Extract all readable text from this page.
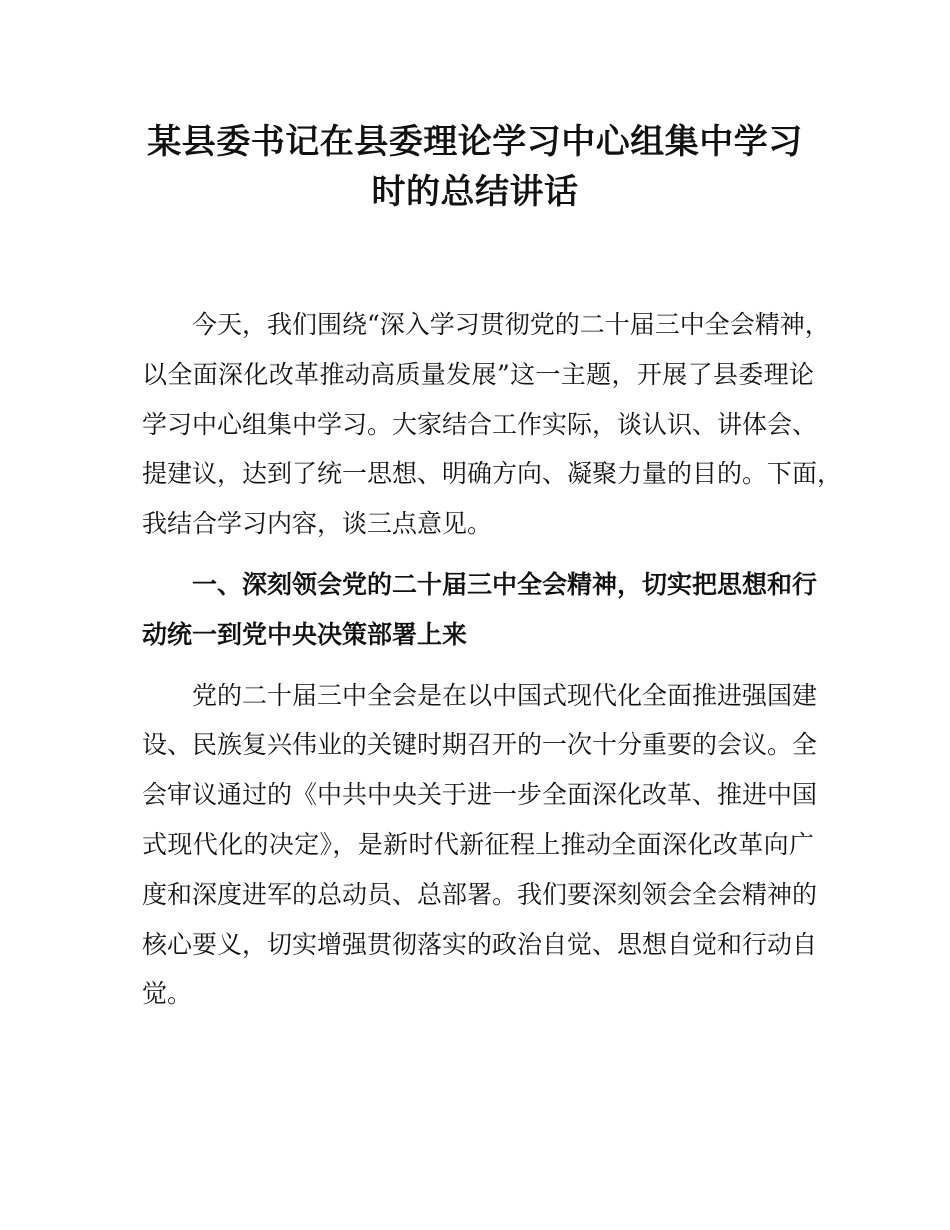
某县委书记在县委理论学习中心组集中学习
时的总结讲话
今天，我们围绕“深入学习贯彻党的二十届三中全会精神，
以全面深化改革推动高质量发展”这一主题，开展了县委理论
学习中心组集中学习。大家结合工作实际，谈认识、讲体会、
提建议，达到了统一思想、明确方向、凝聚力量的目的。下面，
我结合学习内容，谈三点意见。
一、深刻领会党的二十届三中全会精神，切实把思想和行
动统一到党中央决策部署上来
党的二十届三中全会是在以中国式现代化全面推进强国建
设、民族复兴伟业的关键时期召开的一次十分重要的会议。全
会审议通过的《中共中央关于进一步全面深化改革、推进中国
式现代化的决定》，是新时代新征程上推动全面深化改革向广
度和深度进军的总动员、总部署。我们要深刻领会全会精神的
核心要义，切实增强贯彻落实的政治自觉、思想自觉和行动自
觉。
